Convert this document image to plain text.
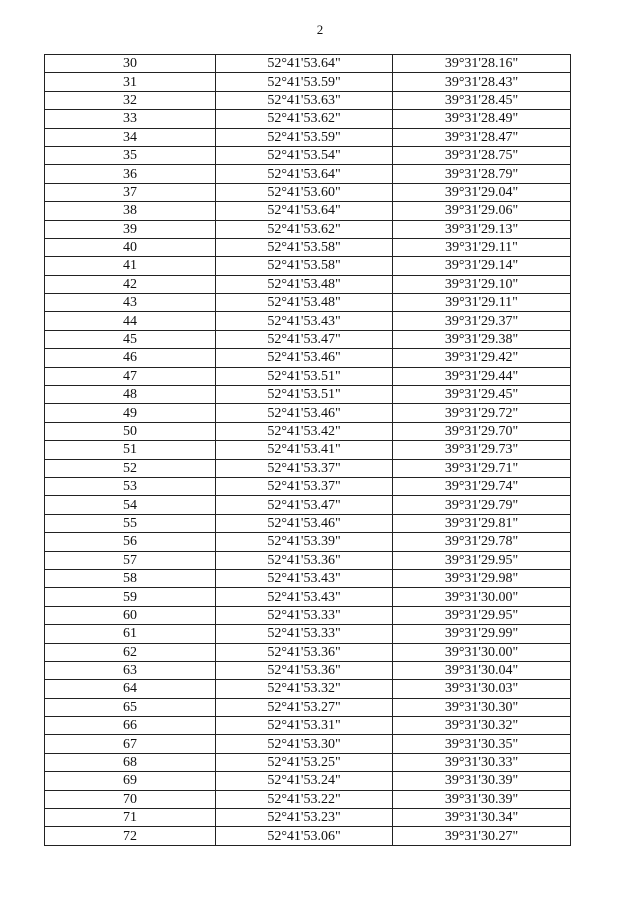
2
30	52°41'53.64"	39°31'28.16"
31	52°41'53.59"	39°31'28.43"
32	52°41'53.63"	39°31'28.45"
33	52°41'53.62"	39°31'28.49"
34	52°41'53.59"	39°31'28.47"
35	52°41'53.54"	39°31'28.75"
36	52°41'53.64"	39°31'28.79"
37	52°41'53.60"	39°31'29.04"
38	52°41'53.64"	39°31'29.06"
39	52°41'53.62"	39°31'29.13"
40	52°41'53.58"	39°31'29.11"
41	52°41'53.58"	39°31'29.14"
42	52°41'53.48"	39°31'29.10"
43	52°41'53.48"	39°31'29.11"
44	52°41'53.43"	39°31'29.37"
45	52°41'53.47"	39°31'29.38"
46	52°41'53.46"	39°31'29.42"
47	52°41'53.51"	39°31'29.44"
48	52°41'53.51"	39°31'29.45"
49	52°41'53.46"	39°31'29.72"
50	52°41'53.42"	39°31'29.70"
51	52°41'53.41"	39°31'29.73"
52	52°41'53.37"	39°31'29.71"
53	52°41'53.37"	39°31'29.74"
54	52°41'53.47"	39°31'29.79"
55	52°41'53.46"	39°31'29.81"
56	52°41'53.39"	39°31'29.78"
57	52°41'53.36"	39°31'29.95"
58	52°41'53.43"	39°31'29.98"
59	52°41'53.43"	39°31'30.00"
60	52°41'53.33"	39°31'29.95"
61	52°41'53.33"	39°31'29.99"
62	52°41'53.36"	39°31'30.00"
63	52°41'53.36"	39°31'30.04"
64	52°41'53.32"	39°31'30.03"
65	52°41'53.27"	39°31'30.30"
66	52°41'53.31"	39°31'30.32"
67	52°41'53.30"	39°31'30.35"
68	52°41'53.25"	39°31'30.33"
69	52°41'53.24"	39°31'30.39"
70	52°41'53.22"	39°31'30.39"
71	52°41'53.23"	39°31'30.34"
72	52°41'53.06"	39°31'30.27"
